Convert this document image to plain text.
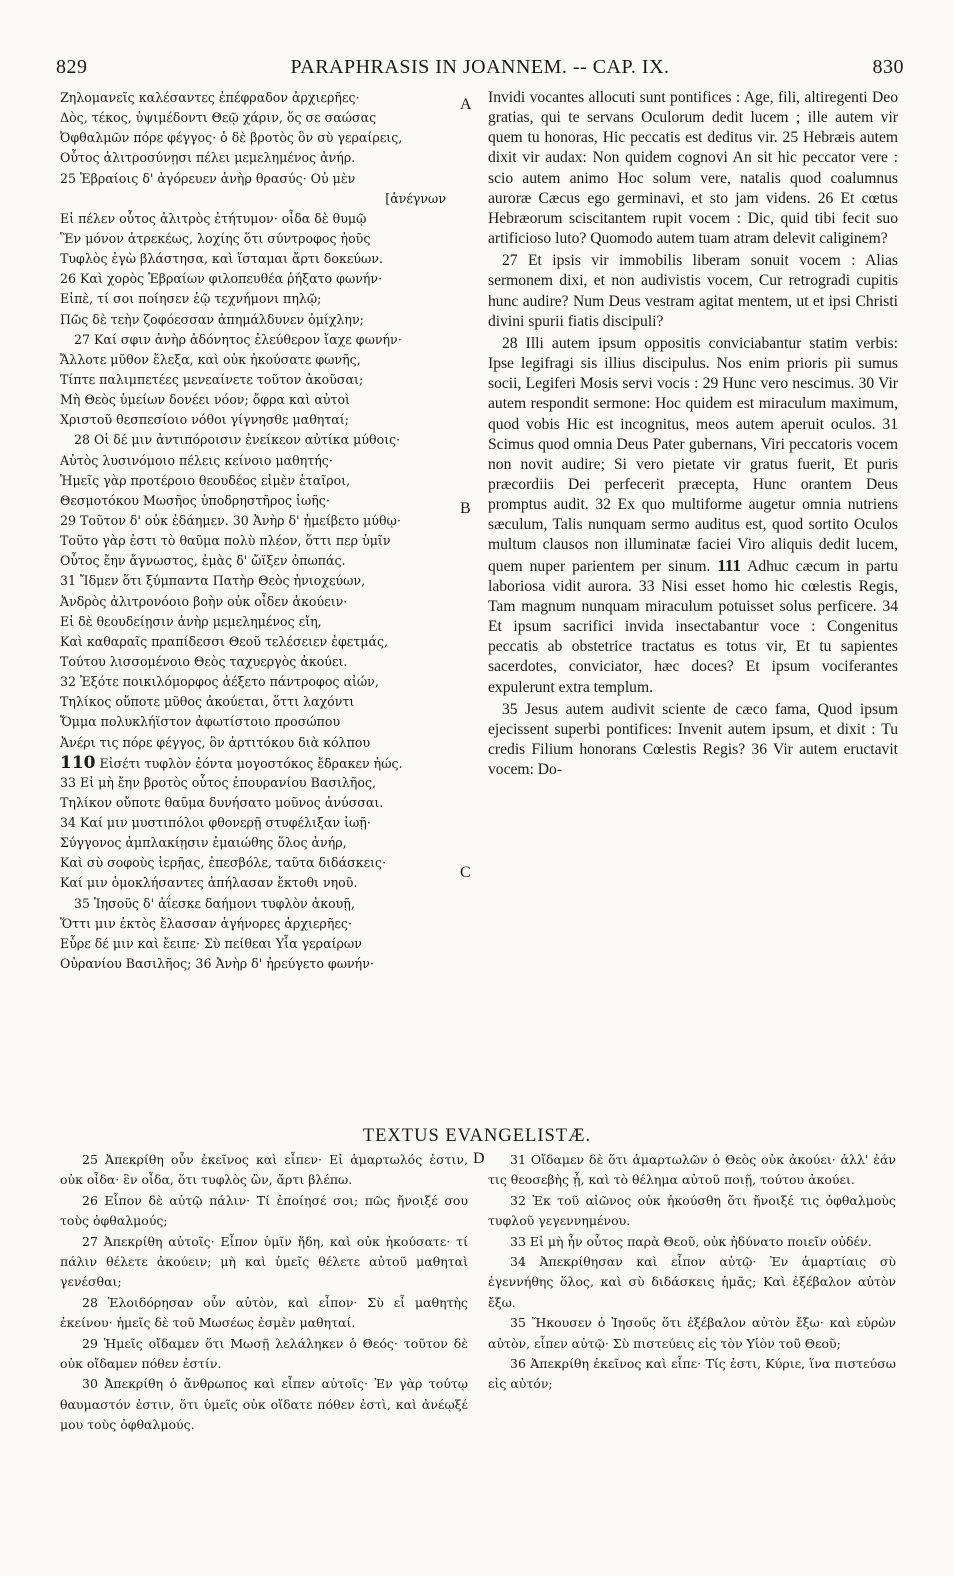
829	PARAPHRASIS IN JOANNEM. -- CAP. IX.	830
Ζηλομανεῖς καλέσαντες ἐπέφραδον ἀρχιερῆες·
Δὸς, τέκος, ὑψιμέδοντι Θεῷ χάριν, ὅς σε σαώσας
Ὀφθαλμῶν πόρε φέγγος· ὁ δὲ βροτὸς ὃν σὺ γεραίρεις,
Οὗτος ἀλιτροσύνῃσι πέλει μεμελημένος ἀνήρ.
25 Ἑβραίοις δ' ἀγόρευεν ἀνὴρ θρασύς· Οὐ μὲν
[ἀνέγνων
Εἰ πέλεν οὗτος ἀλιτρὸς ἐτήτυμον· οἶδα δὲ θυμῷ
Ἓν μόνον ἀτρεκέως, λοχίης ὅτι σύντροφος ἠοῦς
Τυφλὸς ἐγὼ βλάστησα, καὶ ἵσταμαι ἄρτι δοκεύων.
26 Καὶ χορὸς Ἑβραίων φιλοπευθέα ῥήξατο φωνήν·
Εἰπὲ, τί σοι ποίησεν ἑῷ τεχνήμονι πηλῷ;
Πῶς δὲ τεὴν ζοφόεσσαν ἀπημάλδυνεν ὀμίχλην;
27 Καί σφιν ἀνὴρ ἀδόνητος ἐλεύθερον ἴαχε φωνήν·
Ἄλλοτε μῦθον ἔλεξα, καὶ οὐκ ἠκούσατε φωνῆς,
Τίπτε παλιμπετέες μενεαίνετε τοῦτον ἀκοῦσαι;
Μὴ Θεὸς ὑμείων δονέει νόον; ὄφρα καὶ αὐτοὶ
Χριστοῦ θεσπεσίοιο νόθοι γίγνησθε μαθηταί;
28 Οἱ δέ μιν ἀντιπόροισιν ἐνείκεον αὐτίκα μύθοις·
Αὐτὸς λυσινόμοιο πέλεις κείνοιο μαθητής·
Ἡμεῖς γὰρ προτέροιο θεουδέος εἰμὲν ἑταῖροι,
Θεσμοτόκου Μωσῆος ὑποδρηστῆρος ἰωῆς·
29 Τοῦτον δ' οὐκ ἐδάημεν. 30 Ἀνὴρ δ' ἠμείβετο μύθῳ·
Τοῦτο γὰρ ἐστι τὸ θαῦμα πολὺ πλέον, ὅττι περ ὑμῖν
Οὗτος ἔην ἄγνωστος, ἐμὰς δ' ὤϊξεν ὀπωπάς.
31 Ἴδμεν ὅτι ξύμπαντα Πατὴρ Θεὸς ἡνιοχεύων,
Ἀνδρὸς ἀλιτρονόοιο βοὴν οὐκ οἶδεν ἀκούειν·
Εἰ δὲ θεουδείῃσιν ἀνὴρ μεμελημένος εἴη,
Καὶ καθαραῖς πραπίδεσσι Θεοῦ τελέσειεν ἐφετμάς,
Τούτου λισσομένοιο Θεὸς ταχυεργὸς ἀκούει.
32 Ἐξότε ποικιλόμορφος ἀέξετο πάντροφος αἰών,
Τηλίκος οὔποτε μῦθος ἀκούεται, ὅττι λαχόντι
Ὄμμα πολυκλήϊστον ἀφωτίστοιο προσώπου
Ἀνέρι τις πόρε φέγγος, ὃν ἀρτιτόκου διὰ κόλπου
110 Εἰσέτι τυφλὸν ἐόντα μογοστόκος ἔδρακεν ἠώς.
33 Εἰ μὴ ἔην βροτὸς οὗτος ἐπουρανίου Βασιλῆος,
Τηλίκον οὔποτε θαῦμα δυνήσατο μοῦνος ἀνύσσαι.
34 Καί μιν μυστιπόλοι φθονερῇ στυφέλιξαν ἰωῇ·
Σύγγονος ἀμπλακίῃσιν ἐμαιώθης ὅλος ἀνήρ,
Καὶ σὺ σοφοὺς ἱερῆας, ἐπεσβόλε, ταῦτα διδάσκεις·
Καί μιν ὁμοκλήσαντες ἀπήλασαν ἔκτοθι νηοῦ.
35 Ἰησοῦς δ' ἀΐεσκε δαήμονι τυφλὸν ἀκουῇ,
Ὅττι μιν ἐκτὸς ἔλασσαν ἀγήνορες ἀρχιερῆες·
Εὗρε δέ μιν καὶ ἔειπε· Σὺ πείθεαι Υἷα γεραίρων
Οὐρανίου Βασιλῆος; 36 Ἀνὴρ δ' ἠρεύγετο φωνήν·
A
B
C

Invidi vocantes allocuti sunt pontifices : Age, fili, altiregenti Deo gratias, qui te servans Oculorum dedit lucem ; ille autem vir quem tu honoras, Hic peccatis est deditus vir. 25 Hebræis autem dixit vir audax: Non quidem cognovi An sit hic peccator vere : scio autem animo Hoc solum vere, natalis quod coalumnus auroræ Cæcus ego germinavi, et sto jam videns. 26 Et cœtus Hebræorum sciscitantem rupit vocem : Dic, quid tibi fecit suo artificioso luto? Quomodo autem tuam atram delevit caliginem?

27 Et ipsis vir immobilis liberam sonuit vocem : Alias sermonem dixi, et non audivistis vocem, Cur retrogradi cupitis hunc audire? Num Deus vestram agitat mentem, ut et ipsi Christi divini spurii fiatis discipuli?

28 Illi autem ipsum oppositis conviciabantur statim verbis: Ipse legifragi sis illius discipulus. Nos enim prioris pii sumus socii, Legiferi Mosis servi vocis : 29 Hunc vero nescimus. 30 Vir autem respondit sermone: Hoc quidem est miraculum maximum, quod vobis Hic est incognitus, meos autem aperuit oculos. 31 Scimus quod omnia Deus Pater gubernans, Viri peccatoris vocem non novit audire; Si vero pietate vir gratus fuerit, Et puris præcordiis Dei perfecerit præcepta, Hunc orantem Deus promptus audit. 32 Ex quo multiforme augetur omnia nutriens sæculum, Talis nunquam sermo auditus est, quod sortito Oculos multum clausos non illuminatæ faciei Viro aliquis dedit lucem, quem nuper parientem per sinum. 111 Adhuc cæcum in partu laboriosa vidit aurora. 33 Nisi esset homo hic cœlestis Regis, Tam magnum nunquam miraculum potuisset solus perficere. 34 Et ipsum sacrifici invida insectabantur voce : Congenitus peccatis ab obstetrice tractatus es totus vir, Et tu sapientes sacerdotes, conviciator, hæc doces? Et ipsum vociferantes expulerunt extra templum.

35 Jesus autem audivit sciente de cæco fama, Quod ipsum ejecissent superbi pontifices: Invenit autem ipsum, et dixit : Tu credis Filium honorans Cœlestis Regis? 36 Vir autem eructavit vocem: Do-

TEXTUS EVANGELISTÆ.

25 Ἀπεκρίθη οὖν ἐκεῖνος καὶ εἶπεν· Εἰ ἁμαρτωλός ἐστιν, οὐκ οἶδα· ἓν οἶδα, ὅτι τυφλὸς ὢν, ἄρτι βλέπω.

26 Εἶπον δὲ αὐτῷ πάλιν· Τί ἐποίησέ σοι; πῶς ἤνοιξέ σου τοὺς ὀφθαλμούς;

27 Ἀπεκρίθη αὐτοῖς· Εἶπον ὑμῖν ἤδη, καὶ οὐκ ἠκούσατε· τί πάλιν θέλετε ἀκούειν; μὴ καὶ ὑμεῖς θέλετε αὐτοῦ μαθηταὶ γενέσθαι;

28 Ἐλοιδόρησαν οὖν αὐτὸν, καὶ εἶπον· Σὺ εἶ μαθητὴς ἐκείνου· ἡμεῖς δὲ τοῦ Μωσέως ἐσμὲν μαθηταί.

29 Ἡμεῖς οἴδαμεν ὅτι Μωσῇ λελάληκεν ὁ Θεός· τοῦτον δὲ οὐκ οἴδαμεν πόθεν ἐστίν.

30 Ἀπεκρίθη ὁ ἄνθρωπος καὶ εἶπεν αὐτοῖς· Ἐν γὰρ τούτῳ θαυμαστόν ἐστιν, ὅτι ὑμεῖς οὐκ οἴδατε πόθεν ἐστὶ, καὶ ἀνέῳξέ μου τοὺς ὀφθαλμούς.

D	31 Οἴδαμεν δὲ ὅτι ἁμαρτωλῶν ὁ Θεὸς οὐκ ἀκούει· ἀλλ' ἐάν τις θεοσεβὴς ᾖ, καὶ τὸ θέλημα αὐτοῦ ποιῇ, τούτου ἀκούει.

32 Ἐκ τοῦ αἰῶνος οὐκ ἠκούσθη ὅτι ἤνοιξέ τις ὀφθαλμοὺς τυφλοῦ γεγεννημένου.

33 Εἰ μὴ ἦν οὗτος παρὰ Θεοῦ, οὐκ ἠδύνατο ποιεῖν οὐδέν.

34 Ἀπεκρίθησαν καὶ εἶπον αὐτῷ· Ἐν ἁμαρτίαις σὺ ἐγεννήθης ὅλος, καὶ σὺ διδάσκεις ἡμᾶς; Καὶ ἐξέβαλον αὐτὸν ἔξω.

35 Ἤκουσεν ὁ Ἰησοῦς ὅτι ἐξέβαλον αὐτὸν ἔξω· καὶ εὑρὼν αὐτὸν, εἶπεν αὐτῷ· Σὺ πιστεύεις εἰς τὸν Υἱὸν τοῦ Θεοῦ;

36 Ἀπεκρίθη ἐκεῖνος καὶ εἶπε· Τίς ἐστι, Κύριε, ἵνα πιστεύσω εἰς αὐτόν;
